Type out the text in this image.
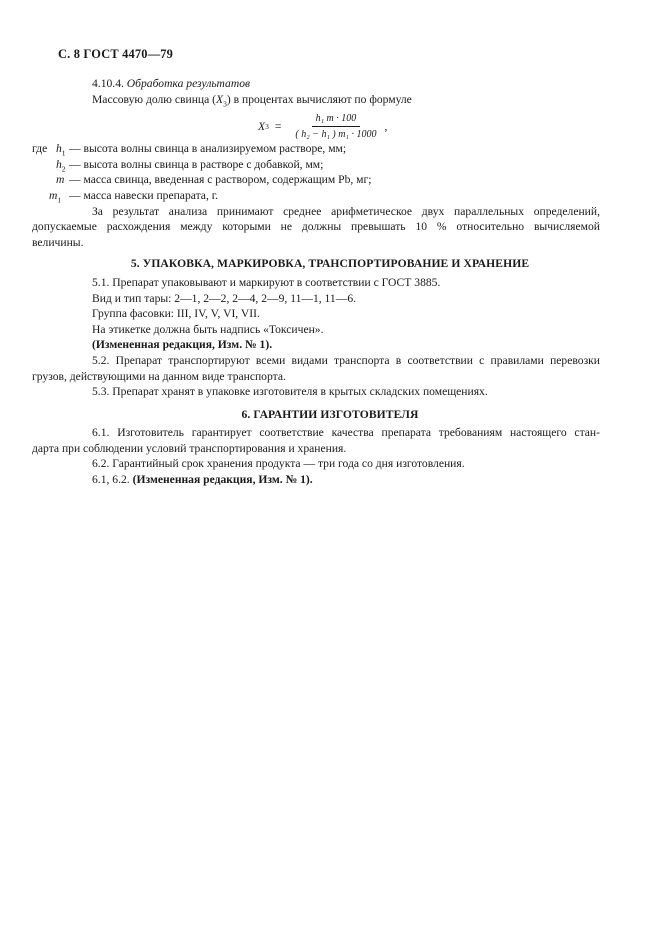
С. 8 ГОСТ 4470—79

4.10.4. Обработка результатов

Массовую долю свинца $(X_3)$ в процентах вычисляют по формуле

X $3 = \frac{\text{h₁ m · 100}}{\text{( h₂ − h₁ ) m₁ · 1000}}$ ,
где $h_1$ — высота волны свинца в анализируемом растворе, мм;
$h_2$ — высота волны свинца в растворе с добавкой, мм;
m — масса свинца, введенная с раствором, содержащим Pb, мг;
$m_1$ — масса навески препарата, г.

За результат анализа принимают среднее арифметическое двух параллельных определений,

допускаемые расхождения между которыми не должны превышать 10 % относительно вычисляемой

величины.

5. УПАКОВКА, МАРКИРОВКА, ТРАНСПОРТИРОВАНИЕ И ХРАНЕНИЕ

5.1. Препарат упаковывают и маркируют в соответствии с ГОСТ 3885.

Вид и тип тары: 2—1, 2—2, 2—4, 2—9, 11—1, 11—6.

Группа фасовки: III, IV, V, VI, VII.

На этикетке должна быть надпись «Токсичен».

(Измененная редакция, Изм. № 1).

5.2. Препарат транспортируют всеми видами транспорта в соответствии с правилами перевозки

грузов, действующими на данном виде транспорта.

5.3. Препарат хранят в упаковке изготовителя в крытых складских помещениях.

6. ГАРАНТИИ ИЗГОТОВИТЕЛЯ

6.1. Изготовитель гарантирует соответствие качества препарата требованиям настоящего стан-

дарта при соблюдении условий транспортирования и хранения.

6.2. Гарантийный срок хранения продукта — три года со дня изготовления.

6.1, 6.2. (Измененная редакция, Изм. № 1).
